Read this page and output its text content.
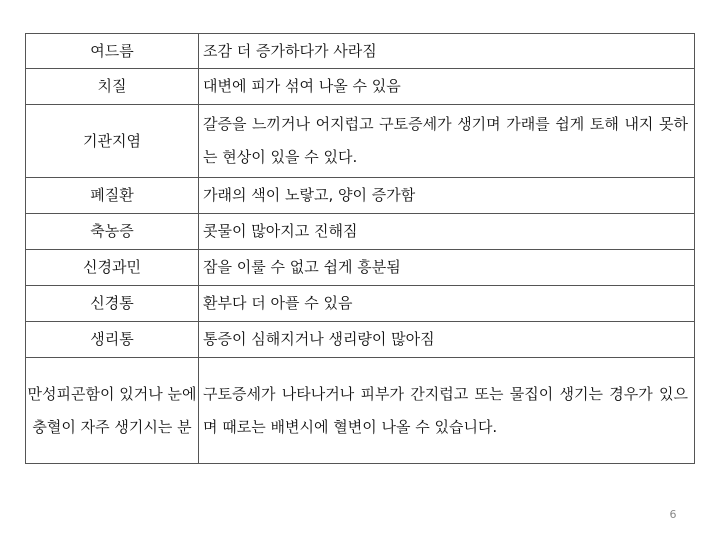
여드름	조감 더 증가하다가 사라짐
치질	대변에 피가 섞여 나올 수 있음
기관지염	갈증을 느끼거나 어지럽고 구토증세가 생기며 가래를 쉽게 토해 내지 못하는 현상이 있을 수 있다.
폐질환	가래의 색이 노랗고, 양이 증가함
축농증	콧물이 많아지고 진해짐
신경과민	잠을 이룰 수 없고 쉽게 흥분됨
신경통	환부다 더 아플 수 있음
생리통	통증이 심해지거나 생리량이 많아짐
만성피곤함이 있거나 눈에 충혈이 자주 생기시는 분	구토증세가 나타나거나 피부가 간지럽고 또는 물집이 생기는 경우가 있으며 때로는 배변시에 혈변이 나올 수 있습니다.
6
